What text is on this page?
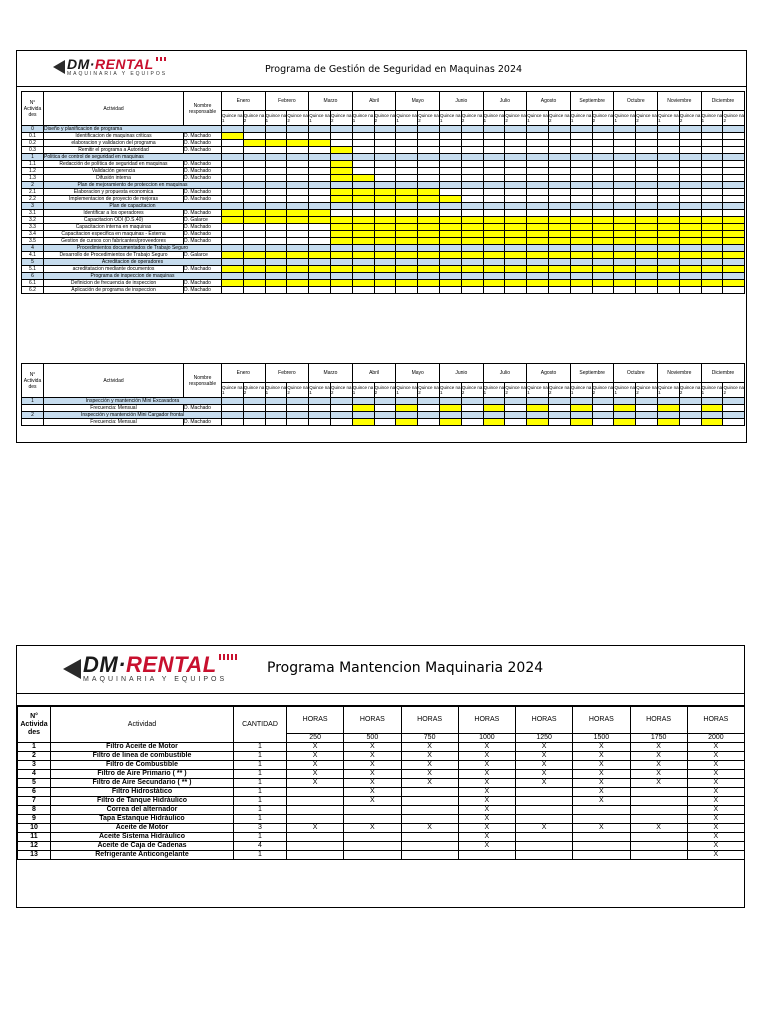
DM·RENTAL
MAQUINARIA Y EQUIPOS	Programa de Gestión de Seguridad en Maquinas 2024
N° Activida des	Actividad	Nombre responsable	Enero		Febrero		Marzo		Abril		Mayo		Junio		Julio		Agosto		Septiembre		Octubre		Noviembre		Diciembre	
			Quince na 1	Quince na 2	Quince na 1	Quince na 2	Quince na 1	Quince na 2	Quince na 1	Quince na 2	Quince na 1	Quince na 2	Quince na 1	Quince na 2	Quince na 1	Quince na 2	Quince na 1	Quince na 2	Quince na 1	Quince na 2	Quince na 1	Quince na 2	Quince na 1	Quince na 2	Quince na 1	Quince na 2
0	Diseño y planificacion de programa																									
0.1	Identificacion de maquinas criticas	D. Machado																								
0.2	elaboracion y validacion del programa	D. Machado																								
0.3	Remitir el programa a Autoridad	D. Machado																								
1	Politica de control de seguridad en maquinas																									
1.1	Redacción de política de seguridad en maquinas	D. Machado																								
1.2	Validación gerencia	D. Machado																								
1.3	Difusión interna	D. Machado																								
2	Plan de mejoramiento de proteccion en maquinas																									
2.1	Elaboracion y propuesta economica	D. Machado																								
2.2	Implementacion de proyecto de mejoras	D. Machado																								
3	Plan de capacitacion																									
3.1	Identificar a los operadores	D. Machado																								
3.2	Capacitacion ODI (D.S.40)	D. Galarce																								
3.3	Capacitacion interna en maquinas	D. Machado																								
3.4	Capacitacion especifica en maquinas - Externa	D. Machado																								
3.5	Gestion de cursos con fabricantes/proveedores	D. Machado																								
4	Procedimientos documentados de Trabajo Seguro																									
4.1	Desarrollo de Procedimientos de Trabajo Seguro	D. Galarce																								
5	Acreditacion de operadores																									
5.1	acreditatacion mediante documentos	D. Machado																								
6	Programa de inspeccion de maquinas																									
6.1	Definicion de frecuencia de inspeccion	D. Machado																								
6.2	Aplicación de programa de inspeccion	D. Machado																								
N° Activida des	Actividad	Nombre responsable	Enero		Febrero		Marzo		Abril		Mayo		Junio		Julio		Agosto		Septiembre		Octubre		Noviembre		Diciembre	
			Quince na 1	Quince na 2	Quince na 1	Quince na 2	Quince na 1	Quince na 2	Quince na 1	Quince na 2	Quince na 1	Quince na 2	Quince na 1	Quince na 2	Quince na 1	Quince na 2	Quince na 1	Quince na 2	Quince na 1	Quince na 2	Quince na 1	Quince na 2	Quince na 1	Quince na 2	Quince na 1	Quince na 2
1	Inspección y mantención Mini Excavadora																									
	Frecuencia: Mensual	D. Machado																								
2	Inspección y mantención Mini Cargador frontal																									
	Frecuencia: Mensual	D. Machado																								
DM·RENTAL
MAQUINARIA Y EQUIPOS
Programa Mantencion Maquinaria 2024
N° Activida des	Actividad	CANTIDAD	HORAS	HORAS	HORAS	HORAS	HORAS	HORAS	HORAS	HORAS
			250	500	750	1000	1250	1500	1750	2000
1	Filtro Aceite de Motor	1	X	X	X	X	X	X	X	X
2	Filtro de linea de combustible	1	X	X	X	X	X	X	X	X
3	Filtro de Combustible	1	X	X	X	X	X	X	X	X
4	Filtro de Aire Primario ( ** )	1	X	X	X	X	X	X	X	X
5	Filtro de Aire Secundario ( ** )	1	X	X	X	X	X	X	X	X
6	Filtro Hidrostático	1		X		X		X		X
7	Filtro de Tanque Hidráulico	1		X		X		X		X
8	Correa del alternador	1				X				X
9	Tapa Estanque Hidráulico	1				X				X
10	Aceite de Motor	3	X	X	X	X	X	X	X	X
11	Aceite Sistema Hidráulico	1				X				X
12	Aceite de Caja de Cadenas	4				X				X
13	Refrigerante Anticongelante	1								X
